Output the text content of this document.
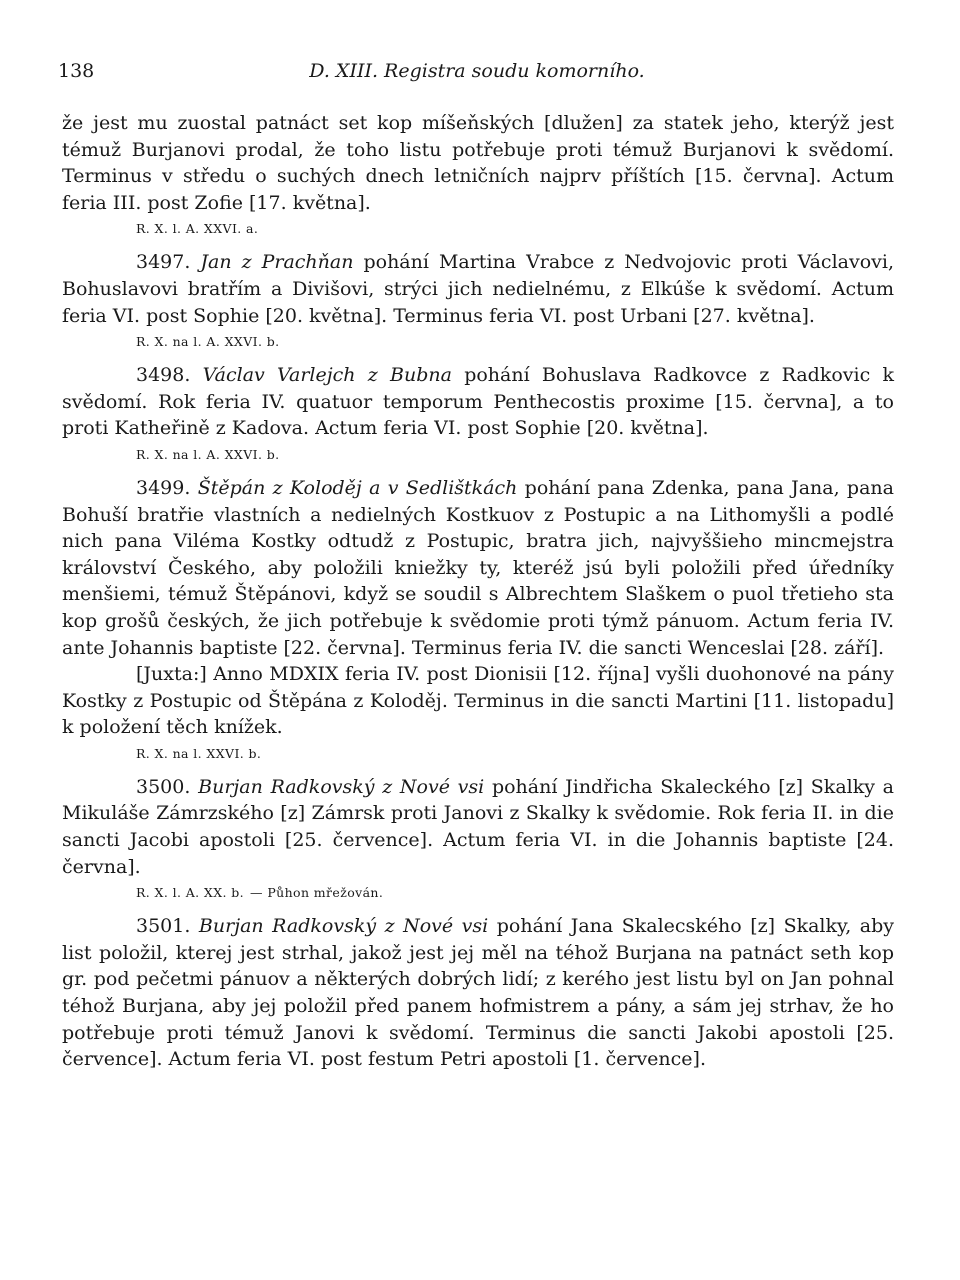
138	D. XIII. Registra soudu komorního.

že jest mu zuostal patnáct set kop míšeňských [dlužen] za statek jeho, kterýž jest témuž Burjanovi prodal, že toho listu potřebuje proti témuž Burjanovi k svědomí. Terminus v středu o suchých dnech letničních najprv příštích [15. června]. Actum feria III. post Zofie [17. května].

R. X. l. A. XXVI. a.

3497. Jan z Prachňan pohání Martina Vrabce z Nedvojovic proti Václavovi, Bohuslavovi bratřím a Divišovi, strýci jich nedielnému, z Elkúše k svědomí. Actum feria VI. post Sophie [20. května]. Terminus feria VI. post Urbani [27. května].

R. X. na l. A. XXVI. b.

3498. Václav Varlejch z Bubna pohání Bohuslava Radkovce z Radkovic k svědomí. Rok feria IV. quatuor temporum Penthecostis proxime [15. června], a to proti Katheřině z Kadova. Actum feria VI. post Sophie [20. května].

R. X. na l. A. XXVI. b.

3499. Štěpán z Koloděj a v Sedlištkách pohání pana Zdenka, pana Jana, pana Bohuší bratřie vlastních a nedielných Kostkuov z Postupic a na Lithomyšli a podlé nich pana Viléma Kostky odtudž z Postupic, bratra jich, najvyššieho mincmejstra království Českého, aby položili kniežky ty, kteréž jsú byli položili před úředníky menšiemi, témuž Štěpánovi, když se soudil s Albrechtem Slaškem o puol třetieho sta kop grošů českých, že jich potřebuje k svědomie proti týmž pánuom. Actum feria IV. ante Johannis baptiste [22. června]. Terminus feria IV. die sancti Wenceslai [28. září].

[Juxta:] Anno MDXIX feria IV. post Dionisii [12. října] vyšli duohonové na pány Kostky z Postupic od Štěpána z Koloděj. Terminus in die sancti Martini [11. listopadu] k položení těch knížek.

R. X. na l. XXVI. b.

3500. Burjan Radkovský z Nové vsi pohání Jindřicha Skaleckého [z] Skalky a Mikuláše Zámrzského [z] Zámrsk proti Janovi z Skalky k svědomie. Rok feria II. in die sancti Jacobi apostoli [25. července]. Actum feria VI. in die Johannis baptiste [24. června].

R. X. l. A. XX. b. — Půhon mřežován.

3501. Burjan Radkovský z Nové vsi pohání Jana Skalecského [z] Skalky, aby list položil, kterej jest strhal, jakož jest jej měl na téhož Burjana na patnáct seth kop gr. pod pečetmi pánuov a některých dobrých lidí; z kerého jest listu byl on Jan pohnal téhož Burjana, aby jej položil před panem hofmistrem a pány, a sám jej strhav, že ho potřebuje proti témuž Janovi k svědomí. Terminus die sancti Jakobi apostoli [25. července]. Actum feria VI. post festum Petri apostoli [1. července].
